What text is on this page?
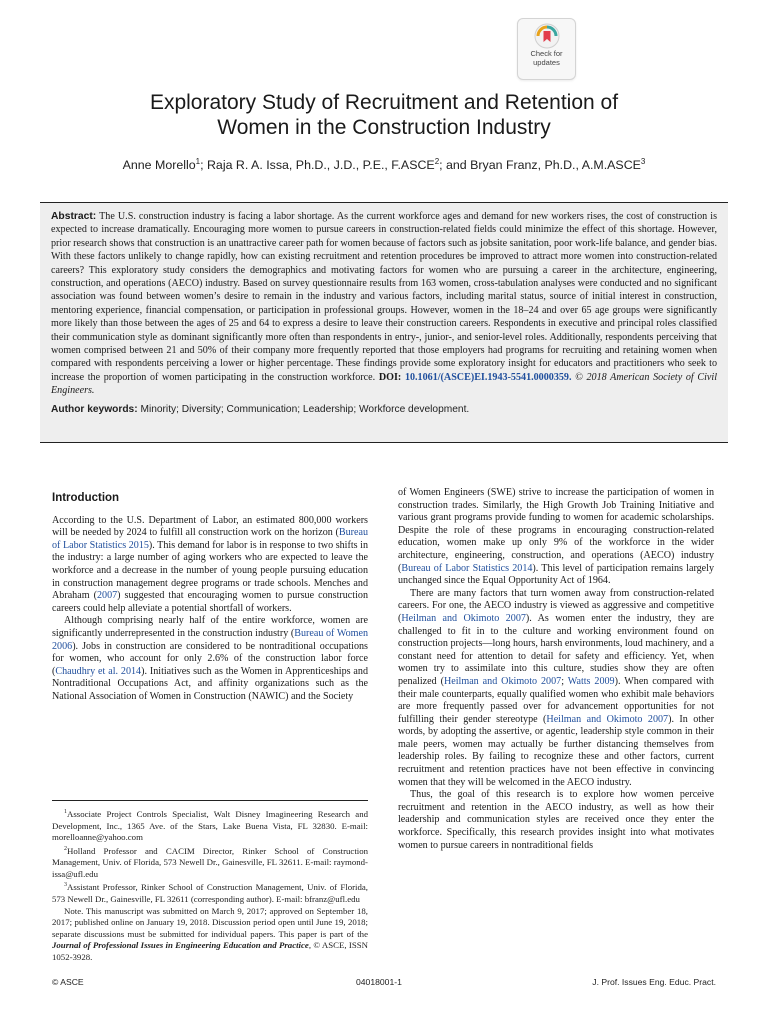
Check for
updates
Exploratory Study of Recruitment and Retention of
Women in the Construction Industry
Anne Morello$^1$; Raja R. A. Issa, Ph.D., J.D., P.E., F.ASCE$^2$; and Bryan Franz, Ph.D., A.M.ASCE$^3$
Abstract: The U.S. construction industry is facing a labor shortage. As the current workforce ages and demand for new workers rises, the cost of construction is expected to increase dramatically. Encouraging more women to pursue careers in construction-related fields could minimize the effect of this shortage. However, prior research shows that construction is an unattractive career path for women because of factors such as jobsite sanitation, poor work-life balance, and gender bias. With these factors unlikely to change rapidly, how can existing recruitment and retention procedures be improved to attract more women into construction-related careers? This exploratory study considers the demographics and motivating factors for women who are pursuing a career in the architecture, engineering, construction, and operations (AECO) industry. Based on survey questionnaire results from 163 women, cross-tabulation analyses were conducted and no significant association was found between women’s desire to remain in the industry and various factors, including marital status, source of initial interest in construction, mentoring experience, financial compensation, or participation in professional groups. However, women in the 18–24 and over 65 age groups were significantly more likely than those between the ages of 25 and 64 to express a desire to leave their construction careers. Respondents in executive and principal roles classified their communication style as dominant significantly more often than respondents in entry-, junior-, and senior-level roles. Additionally, respondents perceiving that women comprised between 21 and 50% of their company more frequently reported that those employers had programs for recruiting and retaining women when compared with respondents perceiving a lower or higher percentage. These findings provide some exploratory insight for educators and practitioners who seek to increase the proportion of women participating in the construction workforce. DOI: 10.1061/(ASCE)EI.1943-5541.0000359. © 2018 American Society of Civil Engineers.
Author keywords: Minority; Diversity; Communication; Leadership; Workforce development.
Introduction

According to the U.S. Department of Labor, an estimated 800,000 workers will be needed by 2024 to fulfill all construction work on the horizon (Bureau of Labor Statistics 2015). This demand for labor is in response to two shifts in the industry: a large number of aging workers who are expected to leave the workforce and a decrease in the number of young people pursuing education in construction management degree programs or trade schools. Menches and Abraham (2007) suggested that encouraging women to pursue construction careers could help alleviate a potential shortfall of workers.

Although comprising nearly half of the entire workforce, women are significantly underrepresented in the construction industry (Bureau of Women 2006). Jobs in construction are considered to be nontraditional occupations for women, who account for only 2.6% of the construction labor force (Chaudhry et al. 2014). Initiatives such as the Women in Apprenticeships and Nontraditional Occupations Act, and affinity organizations such as the National Association of Women in Construction (NAWIC) and the Society

$^1$Associate Project Controls Specialist, Walt Disney Imagineering Research and Development, Inc., 1365 Ave. of the Stars, Lake Buena Vista, FL 32830. E-mail: morelloanne@yahoo.com

$^2$Holland Professor and CACIM Director, Rinker School of Construction Management, Univ. of Florida, 573 Newell Dr., Gainesville, FL 32611. E-mail: raymond-issa@ufl.edu

$^3$Assistant Professor, Rinker School of Construction Management, Univ. of Florida, 573 Newell Dr., Gainesville, FL 32611 (corresponding author). E-mail: bfranz@ufl.edu

Note. This manuscript was submitted on March 9, 2017; approved on September 18, 2017; published online on January 19, 2018. Discussion period open until June 19, 2018; separate discussions must be submitted for individual papers. This paper is part of the Journal of Professional Issues in Engineering Education and Practice, © ASCE, ISSN 1052-3928.

of Women Engineers (SWE) strive to increase the participation of women in construction trades. Similarly, the High Growth Job Training Initiative and various grant programs provide funding to women for academic scholarships. Despite the role of these programs in encouraging construction-related education, women make up only 9% of the workforce in the wider architecture, engineering, construction, and operations (AECO) industry (Bureau of Labor Statistics 2014). This level of participation remains largely unchanged since the Equal Opportunity Act of 1964.

There are many factors that turn women away from construction-related careers. For one, the AECO industry is viewed as aggressive and competitive (Heilman and Okimoto 2007). As women enter the industry, they are challenged to fit in to the culture and working environment found on construction projects—long hours, harsh environments, loud machinery, and a constant need for attention to detail for safety and efficiency. Yet, when women try to assimilate into this culture, studies show they are often penalized (Heilman and Okimoto 2007; Watts 2009). When compared with their male counterparts, equally qualified women who exhibit male behaviors are more frequently passed over for advancement opportunities for not fulfilling their gender stereotype (Heilman and Okimoto 2007). In other words, by adopting the assertive, or agentic, leadership style common in their male peers, women may actually be further distancing themselves from leadership roles. By failing to recognize these and other factors, current recruitment and retention practices have not been effective in convincing women that they will be welcomed in the AECO industry.

Thus, the goal of this research is to explore how women perceive recruitment and retention in the AECO industry, as well as how their leadership and communication styles are received once they enter the workforce. Specifically, this research provides insight into what motivates women to pursue careers in nontraditional fields

© ASCE	04018001-1	J. Prof. Issues Eng. Educ. Pract.
